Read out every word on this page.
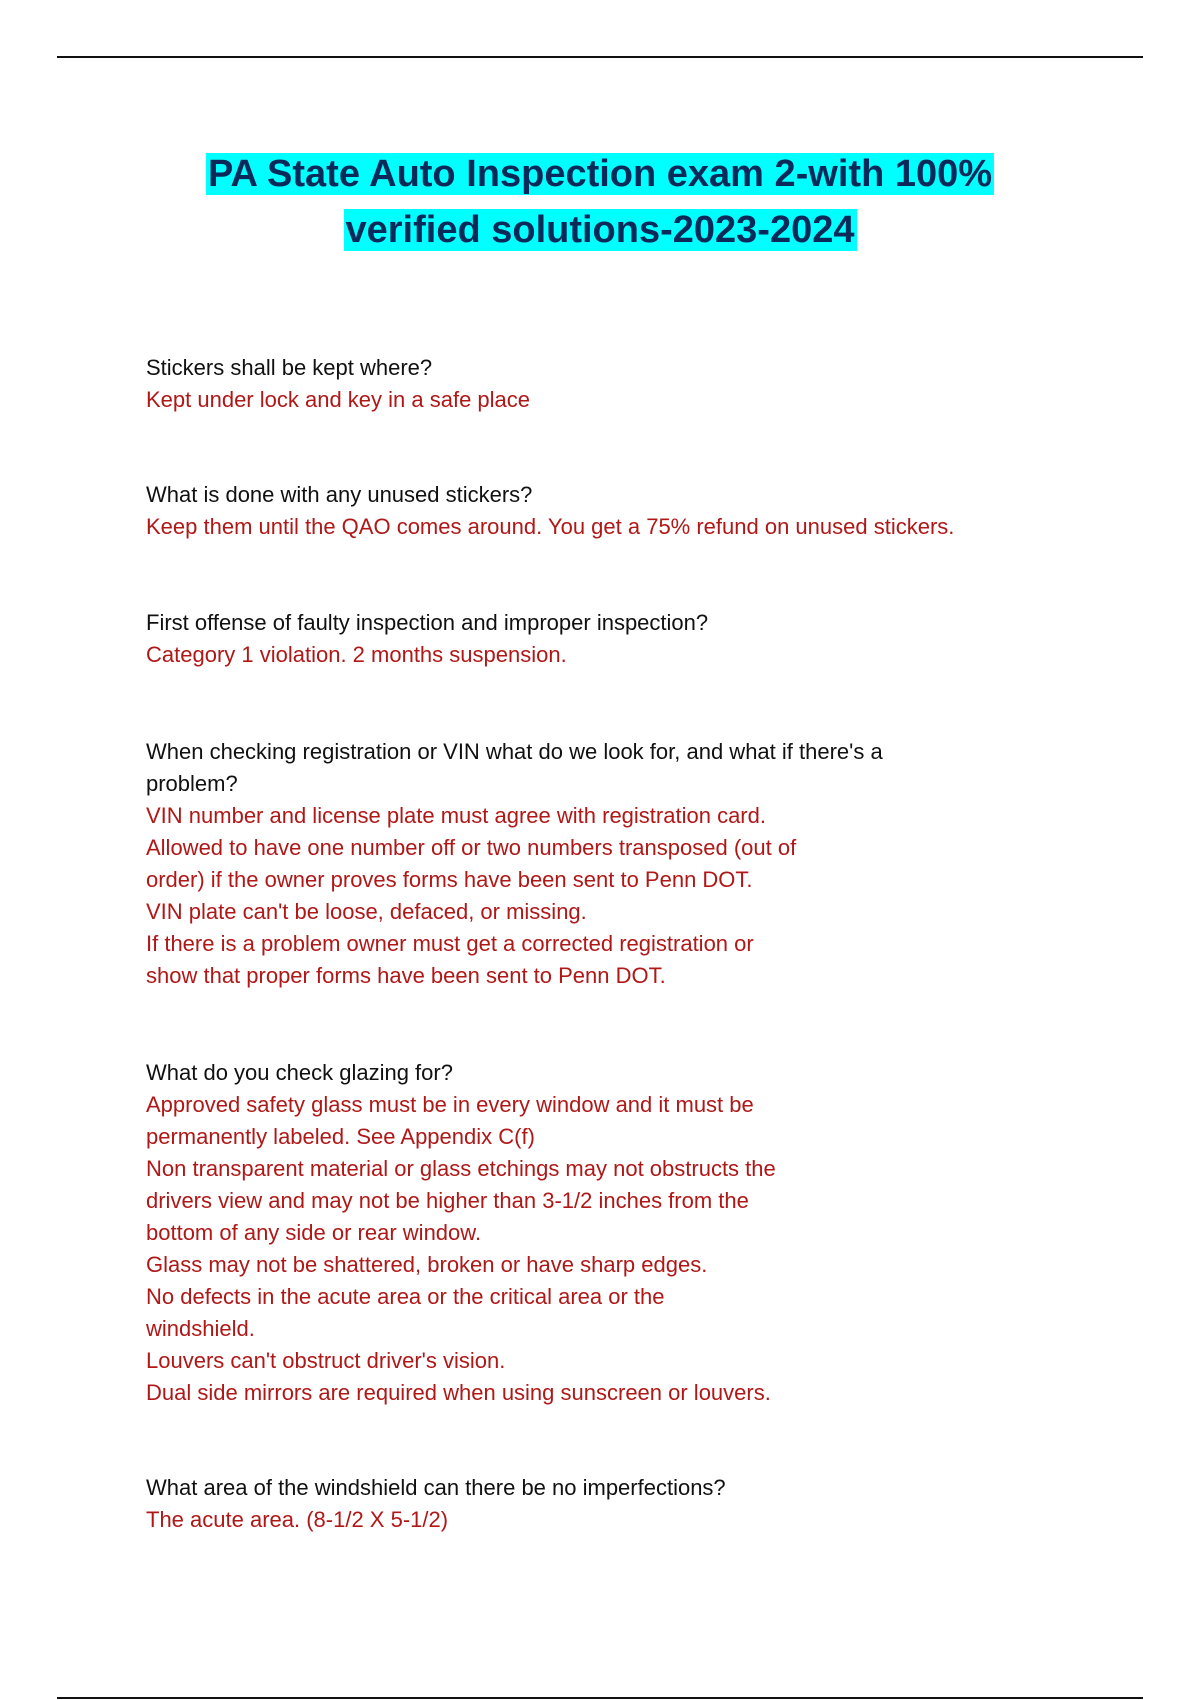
PA State Auto Inspection exam 2-with 100%
verified solutions-2023-2024

Stickers shall be kept where?

Kept under lock and key in a safe place

What is done with any unused stickers?

Keep them until the QAO comes around. You get a 75% refund on unused stickers.

First offense of faulty inspection and improper inspection?

Category 1 violation. 2 months suspension.

When checking registration or VIN what do we look for, and what if there's a
problem?

VIN number and license plate must agree with registration card.
Allowed to have one number off or two numbers transposed (out of
order) if the owner proves forms have been sent to Penn DOT.
VIN plate can't be loose, defaced, or missing.
If there is a problem owner must get a corrected registration or
show that proper forms have been sent to Penn DOT.

What do you check glazing for?

Approved safety glass must be in every window and it must be
permanently labeled. See Appendix C(f)
Non transparent material or glass etchings may not obstructs the
drivers view and may not be higher than 3-1/2 inches from the
bottom of any side or rear window.
Glass may not be shattered, broken or have sharp edges.
No defects in the acute area or the critical area or the
windshield.
Louvers can't obstruct driver's vision.
Dual side mirrors are required when using sunscreen or louvers.

What area of the windshield can there be no imperfections?

The acute area. (8-1/2 X 5-1/2)
